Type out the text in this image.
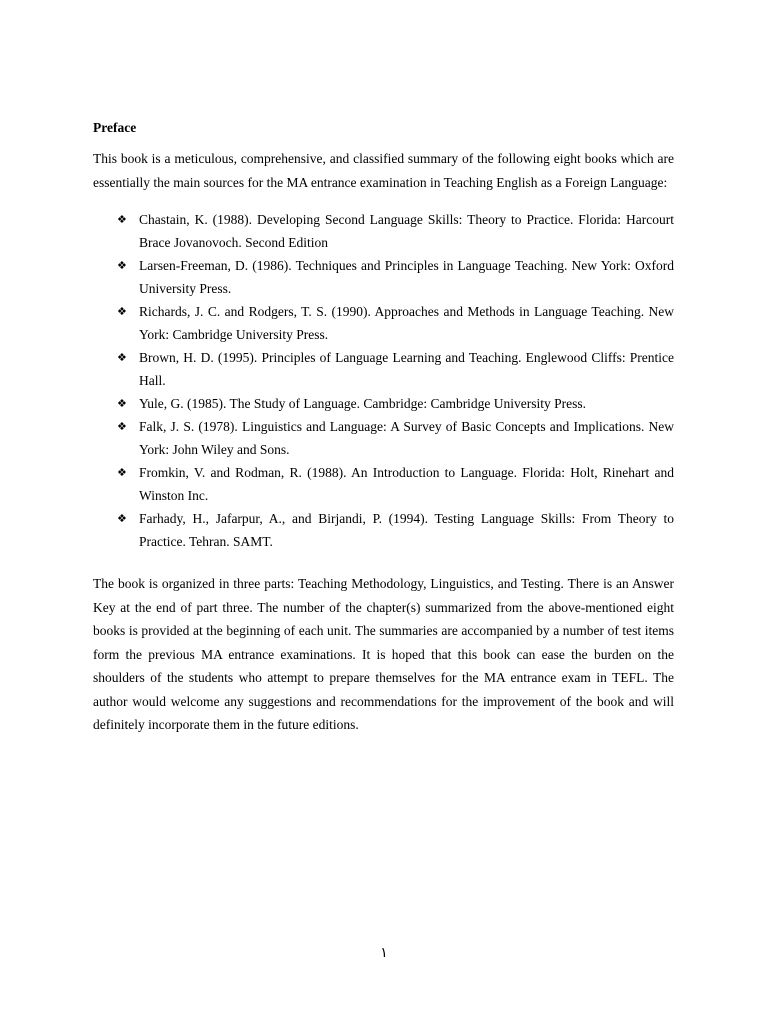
Preface

This book is a meticulous, comprehensive, and classified summary of the following eight books which are essentially the main sources for the MA entrance examination in Teaching English as a Foreign Language:

❖ Chastain, K. (1988). Developing Second Language Skills: Theory to Practice. Florida: Harcourt Brace Jovanovoch. Second Edition
❖ Larsen-Freeman, D. (1986). Techniques and Principles in Language Teaching. New York: Oxford University Press.
❖ Richards, J. C. and Rodgers, T. S. (1990). Approaches and Methods in Language Teaching. New York: Cambridge University Press.
❖ Brown, H. D. (1995). Principles of Language Learning and Teaching. Englewood Cliffs: Prentice Hall.
❖ Yule, G. (1985). The Study of Language. Cambridge: Cambridge University Press.
❖ Falk, J. S. (1978). Linguistics and Language: A Survey of Basic Concepts and Implications. New York: John Wiley and Sons.
❖ Fromkin, V. and Rodman, R. (1988). An Introduction to Language. Florida: Holt, Rinehart and Winston Inc.
❖ Farhady, H., Jafarpur, A., and Birjandi, P. (1994). Testing Language Skills: From Theory to Practice. Tehran. SAMT.

The book is organized in three parts: Teaching Methodology, Linguistics, and Testing. There is an Answer Key at the end of part three. The number of the chapter(s) summarized from the above-mentioned eight books is provided at the beginning of each unit. The summaries are accompanied by a number of test items form the previous MA entrance examinations. It is hoped that this book can ease the burden on the shoulders of the students who attempt to prepare themselves for the MA entrance exam in TEFL. The author would welcome any suggestions and recommendations for the improvement of the book and will definitely incorporate them in the future editions.

١
